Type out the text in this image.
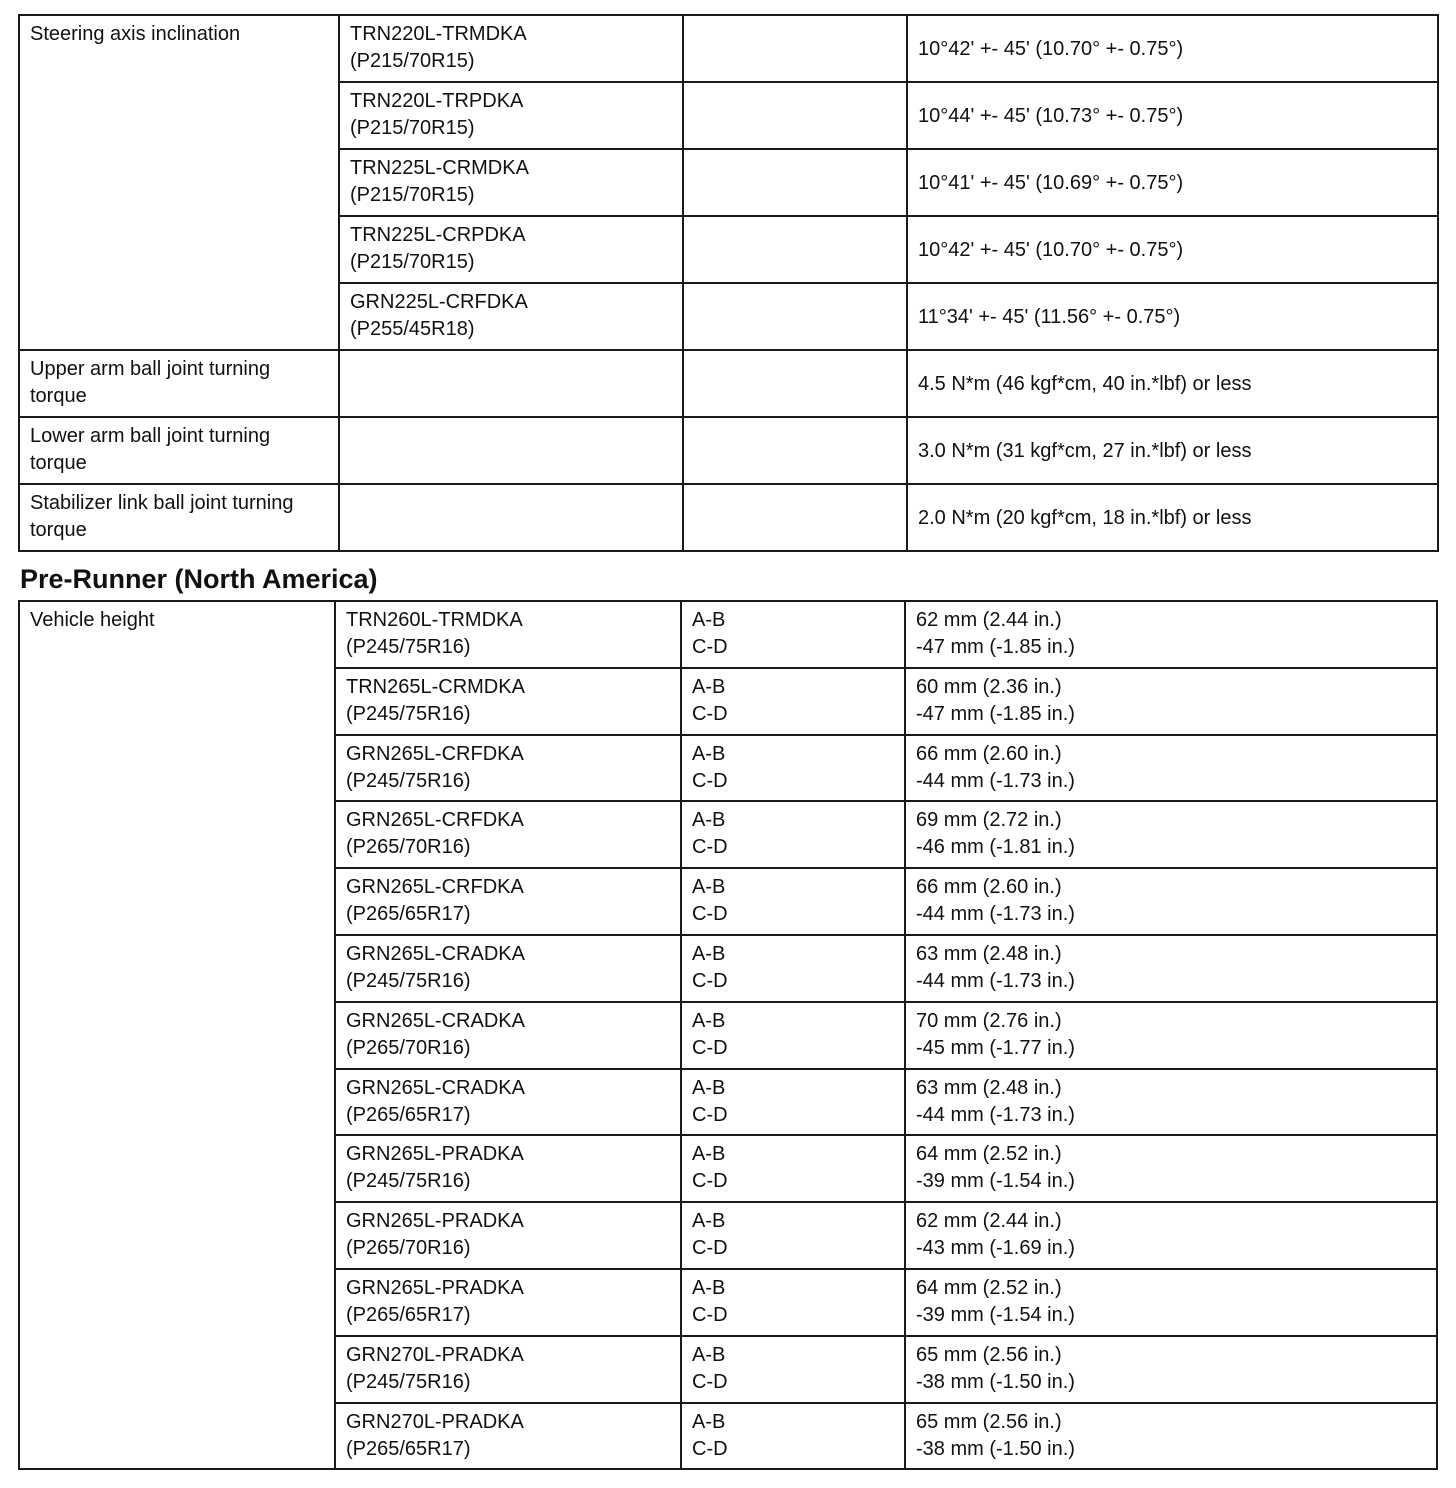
Steering axis inclination	TRN220L-TRMDKA
(P215/70R15)		10°42' +- 45' (10.70° +- 0.75°)

	TRN220L-TRPDKA
(P215/70R15)		10°44' +- 45' (10.73° +- 0.75°)

	TRN225L-CRMDKA
(P215/70R15)		10°41' +- 45' (10.69° +- 0.75°)

	TRN225L-CRPDKA
(P215/70R15)		10°42' +- 45' (10.70° +- 0.75°)

	GRN225L-CRFDKA
(P255/45R18)		11°34' +- 45' (11.56° +- 0.75°)

Upper arm ball joint turning
torque			4.5 N*m (46 kgf*cm, 40 in.*lbf) or less

Lower arm ball joint turning
torque			3.0 N*m (31 kgf*cm, 27 in.*lbf) or less

Stabilizer link ball joint turning
torque			2.0 N*m (20 kgf*cm, 18 in.*lbf) or less
Pre-Runner (North America)
Vehicle height	TRN260L-TRMDKA
(P245/75R16)	A-B
C-D	62 mm (2.44 in.)
-47 mm (-1.85 in.)

	TRN265L-CRMDKA
(P245/75R16)	A-B
C-D	60 mm (2.36 in.)
-47 mm (-1.85 in.)

	GRN265L-CRFDKA
(P245/75R16)	A-B
C-D	66 mm (2.60 in.)
-44 mm (-1.73 in.)

	GRN265L-CRFDKA
(P265/70R16)	A-B
C-D	69 mm (2.72 in.)
-46 mm (-1.81 in.)

	GRN265L-CRFDKA
(P265/65R17)	A-B
C-D	66 mm (2.60 in.)
-44 mm (-1.73 in.)

	GRN265L-CRADKA
(P245/75R16)	A-B
C-D	63 mm (2.48 in.)
-44 mm (-1.73 in.)

	GRN265L-CRADKA
(P265/70R16)	A-B
C-D	70 mm (2.76 in.)
-45 mm (-1.77 in.)

	GRN265L-CRADKA
(P265/65R17)	A-B
C-D	63 mm (2.48 in.)
-44 mm (-1.73 in.)

	GRN265L-PRADKA
(P245/75R16)	A-B
C-D	64 mm (2.52 in.)
-39 mm (-1.54 in.)

	GRN265L-PRADKA
(P265/70R16)	A-B
C-D	62 mm (2.44 in.)
-43 mm (-1.69 in.)

	GRN265L-PRADKA
(P265/65R17)	A-B
C-D	64 mm (2.52 in.)
-39 mm (-1.54 in.)

	GRN270L-PRADKA
(P245/75R16)	A-B
C-D	65 mm (2.56 in.)
-38 mm (-1.50 in.)

	GRN270L-PRADKA
(P265/65R17)	A-B
C-D	65 mm (2.56 in.)
-38 mm (-1.50 in.)
